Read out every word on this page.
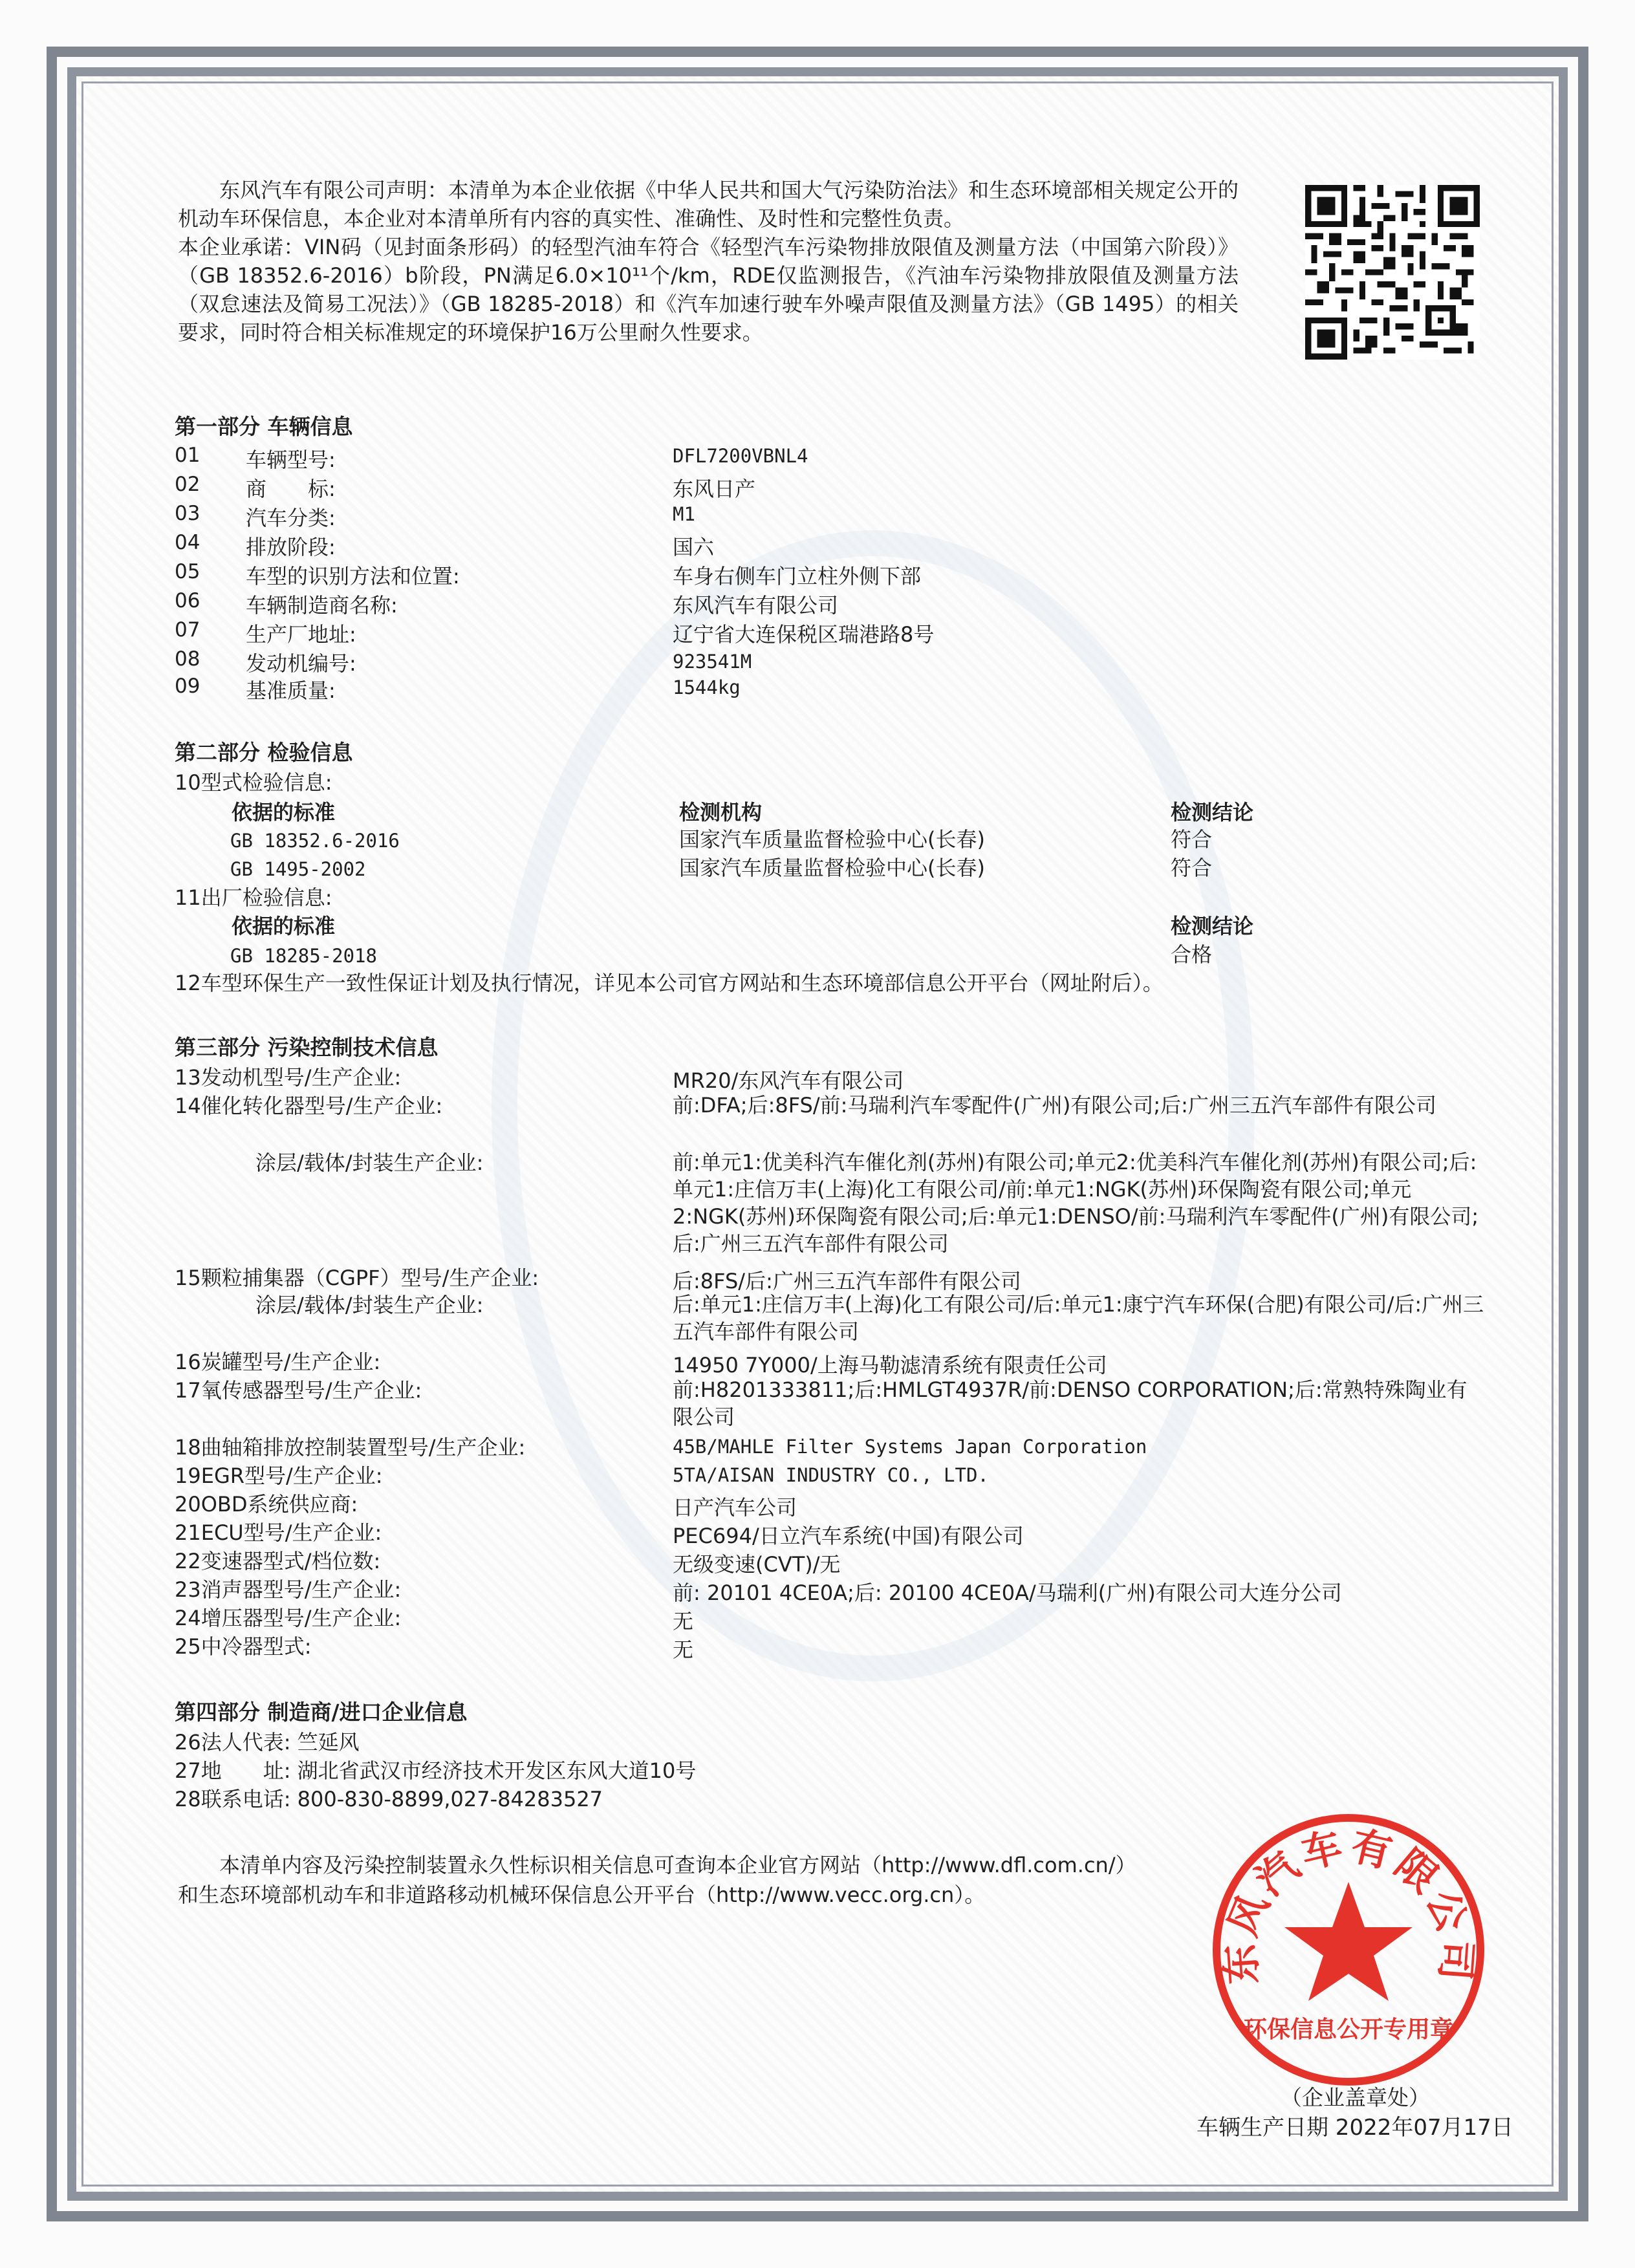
东风汽车有限公司声明：本清单为本企业依据《中华人民共和国大气污染防治法》和生态环境部相关规定公开的机动车环保信息，本企业对本清单所有内容的真实性、准确性、及时性和完整性负责。

本企业承诺：VIN码（见封面条形码）的轻型汽油车符合《轻型汽车污染物排放限值及测量方法（中国第六阶段）》（GB 18352.6-2016）b阶段，PN满足6.0×10¹¹个/km，RDE仅监测报告，《汽油车污染物排放限值及测量方法（双怠速法及简易工况法）》（GB 18285-2018）和《汽车加速行驶车外噪声限值及测量方法》（GB 1495）的相关要求，同时符合相关标准规定的环境保护16万公里耐久性要求。

第一部分 车辆信息
01 车辆型号:	DFL7200VBNL4
02 商　　标:	东风日产
03 汽车分类:	M1
04 排放阶段:	国六
05 车型的识别方法和位置:	车身右侧车门立柱外侧下部
06 车辆制造商名称:	东风汽车有限公司
07 生产厂地址:	辽宁省大连保税区瑞港路8号
08 发动机编号:	923541M
09 基准质量:	1544kg
第二部分 检验信息
10型式检验信息:
依据的标准	检测机构	检测结论
GB 18352.6-2016	国家汽车质量监督检验中心(长春)	符合
GB 1495-2002	国家汽车质量监督检验中心(长春)	符合
11出厂检验信息:
依据的标准	检测结论
GB 18285-2018	合格
12车型环保生产一致性保证计划及执行情况，详见本公司官方网站和生态环境部信息公开平台（网址附后）。
第三部分 污染控制技术信息
13发动机型号/生产企业:	MR20/东风汽车有限公司
14催化转化器型号/生产企业:	前:DFA;后:8FS/前:马瑞利汽车零配件(广州)有限公司;后:广州三五汽车部件有限公司
涂层/载体/封装生产企业:	前:单元1:优美科汽车催化剂(苏州)有限公司;单元2:优美科汽车催化剂(苏州)有限公司;后:单元1:庄信万丰(上海)化工有限公司/前:单元1:NGK(苏州)环保陶瓷有限公司;单元2:NGK(苏州)环保陶瓷有限公司;后:单元1:DENSO/前:马瑞利汽车零配件(广州)有限公司;后:广州三五汽车部件有限公司
15颗粒捕集器（CGPF）型号/生产企业:	后:8FS/后:广州三五汽车部件有限公司
涂层/载体/封装生产企业:	后:单元1:庄信万丰(上海)化工有限公司/后:单元1:康宁汽车环保(合肥)有限公司/后:广州三五汽车部件有限公司
16炭罐型号/生产企业:	14950 7Y000/上海马勒滤清系统有限责任公司
17氧传感器型号/生产企业:	前:H8201333811;后:HMLGT4937R/前:DENSO CORPORATION;后:常熟特殊陶业有限公司
18曲轴箱排放控制装置型号/生产企业:	45B/MAHLE Filter Systems Japan Corporation
19EGR型号/生产企业:	5TA/AISAN INDUSTRY CO., LTD.
20OBD系统供应商:	日产汽车公司
21ECU型号/生产企业:	PEC694/日立汽车系统(中国)有限公司
22变速器型式/档位数:	无级变速(CVT)/无
23消声器型号/生产企业:	前: 20101 4CE0A;后: 20100 4CE0A/马瑞利(广州)有限公司大连分公司
24增压器型号/生产企业:	无
25中冷器型式:	无
第四部分 制造商/进口企业信息
26法人代表: 竺延风
27地　　址: 湖北省武汉市经济技术开发区东风大道10号
28联系电话: 800-830-8899,027-84283527
本清单内容及污染控制装置永久性标识相关信息可查询本企业官方网站（http://www.dfl.com.cn/）
和生态环境部机动车和非道路移动机械环保信息公开平台（http://www.vecc.org.cn）。
东风汽车有限公司
环保信息公开专用章
（企业盖章处）
车辆生产日期 2022年07月17日
